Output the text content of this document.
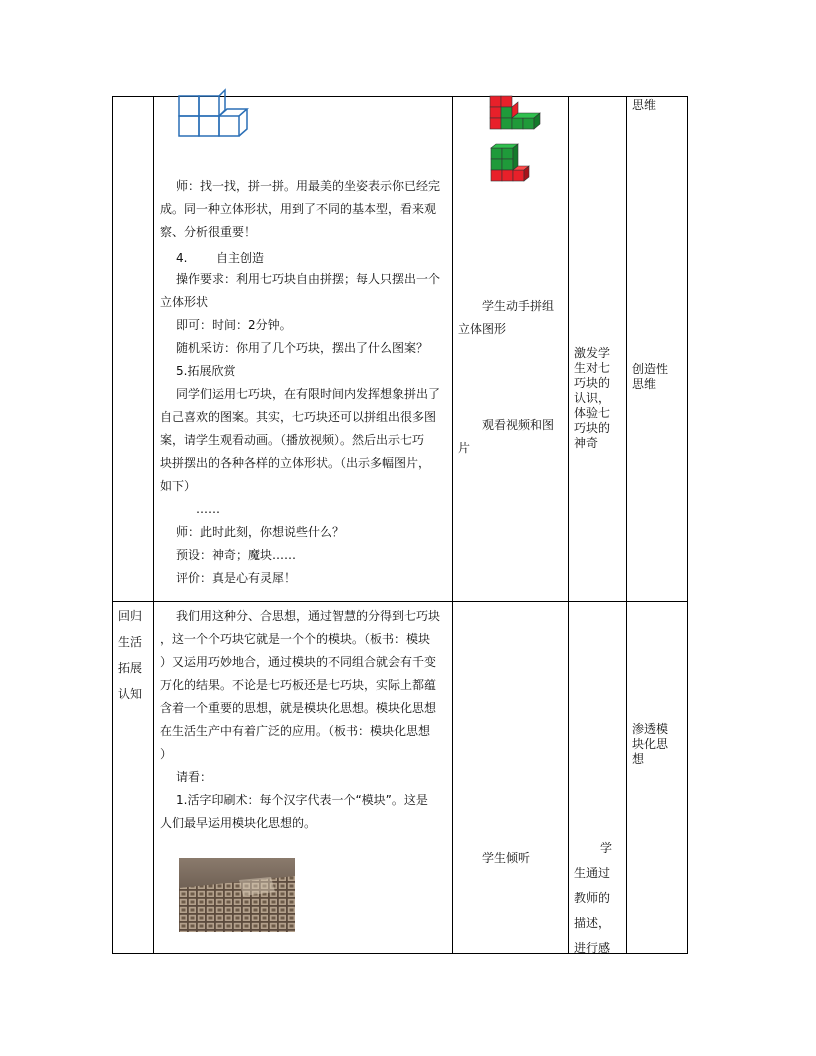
师：找一找，拼一拼。用最美的坐姿表示你已经完
成。同一种立体形状，用到了不同的基本型，看来观
察、分析很重要！
4. 自主创造
操作要求：利用七巧块自由拼摆；每人只摆出一个
立体形状
即可：时间：2分钟。
随机采访：你用了几个巧块，摆出了什么图案？
5.拓展欣赏
同学们运用七巧块，在有限时间内发挥想象拼出了
自己喜欢的图案。其实，七巧块还可以拼组出很多图
案，请学生观看动画。（播放视频）。然后出示七巧
块拼摆出的各种各样的立体形状。（出示多幅图片，
如下）
……
师：此时此刻，你想说些什么？
预设：神奇；魔块……
评价：真是心有灵犀！
学生动手拼组
立体图形
观看视频和图
片
激发学
生对七
巧块的
认识，
体验七
巧块的
神奇
思维
创造性
思维
回归
生活
拓展
认知
我们用这种分、合思想，通过智慧的分得到七巧块
，这一个个巧块它就是一个个的模块。（板书：模块
）又运用巧妙地合，通过模块的不同组合就会有千变
万化的结果。不论是七巧板还是七巧块，实际上都蕴
含着一个重要的思想，就是模块化思想。模块化思想
在生活生产中有着广泛的应用。（板书：模块化思想
）
请看：
1.活字印刷术：每个汉字代表一个“模块”。这是
人们最早运用模块化思想的。
学生倾听
学
生通过
教师的
描述，
进行感
渗透模
块化思
想
